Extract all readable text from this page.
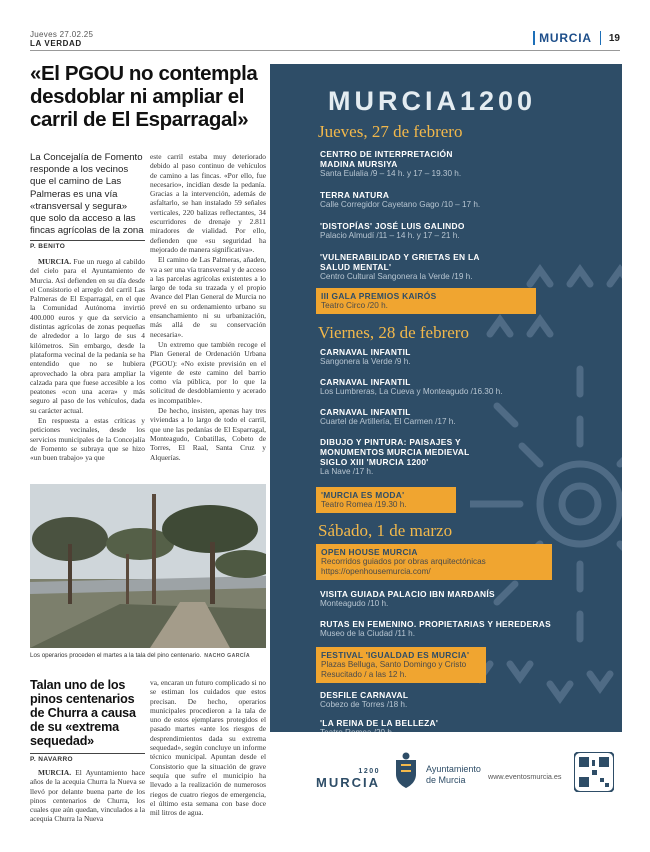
Jueves 27.02.25
LA VERDAD	MURCIA 19
«El PGOU no contempla desdoblar ni ampliar el carril de El Esparragal»
La Concejalía de Fomento responde a los vecinos que el camino de Las Palmeras es una vía «transversal y segura» que solo da acceso a las fincas agrícolas de la zona
P. BENITO

MURCIA. Fue un ruego al cabildo del cielo para el Ayuntamiento de Murcia. Así defienden en su día desde el Consistorio el arreglo del carril Las Palmeras de El Esparragal, en el que la Comunidad Autónoma invirtió 400.000 euros y que da servicio a distintas agrícolas de zonas pequeñas de alrededor a lo largo de sus 4 kilómetros. Sin embargo, desde la plataforma vecinal de la pedanía se ha entendido que no se hubiera aprovechado la obra para ampliar la calzada para que fuese accesible a los peatones «con una acera» y más seguro al paso de los vehículos, dada su carácter actual.

En respuesta a estas críticas y peticiones vecinales, desde los servicios municipales de la Concejalía de Fomento se subraya que se hizo «un buen trabajo» ya que

este carril estaba muy deteriorado debido al paso continuo de vehículos de camino a las fincas. «Por ello, fue necesario», incidían desde la pedanía. Gracias a la intervención, además de asfaltarlo, se han instalado 59 señales verticales, 220 balizas reflectantes, 34 escurridores de drenaje y 2.811 miradores de vialidad. Por ello, defienden que «su seguridad ha mejorado de manera significativa».

El camino de Las Palmeras, añaden, va a ser una vía transversal y de acceso a las parcelas agrícolas existentes a lo largo de toda su trazada y el propio Avance del Plan General de Murcia no prevé en su ordenamiento urbano su ensanchamiento ni su urbanización, más allá de su conservación necesaria».

Un extremo que también recoge el Plan General de Ordenación Urbana (PGOU): «No existe previsión en el vigente de este camino del barrio como vía pública, por lo que la solicitud de desdoblamiento y acerado es incompatible».

De hecho, insisten, apenas hay tres viviendas a lo largo de todo el carril, que une las pedanías de El Esparragal, Monteagudo, Cobatillas, Cobeto de Torres, El Raal, Santa Cruz y Alquerías.

Los operarios proceden el martes a la tala del pino centenario. NACHO GARCÍA
Talan uno de los pinos centenarios de Churra a causa de su «extrema sequedad»
P. NAVARRO

MURCIA. El Ayuntamiento hace años de la acequia Churra la Nueva se llevó por delante buena parte de los pinos centenarios de Churra, los cuales que aún quedan, vinculados a la acequia Churra la Nueva

va, encaran un futuro complicado si no se estiman los cuidados que estos precisan. De hecho, operarios municipales procedieron a la tala de uno de estos ejemplares protegidos el pasado martes «ante los riesgos de desprendimientos dada su extrema sequedad», según concluye un informe técnico municipal. Apuntan desde el Consistorio que la situación de grave sequía que sufre el municipio ha llevado a la realización de numerosos riegos de cuatro riegos de emergencia, el último esta semana con base doce mil litros de agua.

MURCIA1200
Jueves, 27 de febrero
CENTRO DE INTERPRETACIÓN MADINA MURSIYA
Santa Eulalia /9 – 14 h. y 17 – 19.30 h.
TERRA NATURA
Calle Corregidor Cayetano Gago /10 – 17 h.
'DISTOPÍAS' JOSÉ LUIS GALINDO
Palacio Almudí /11 – 14 h. y 17 – 21 h.
'VULNERABILIDAD Y GRIETAS EN LA SALUD MENTAL'
Centro Cultural Sangonera la Verde /19 h.
III GALA PREMIOS KAIRÓS
Teatro Circo /20 h.
Viernes, 28 de febrero
CARNAVAL INFANTIL
Sangonera la Verde /9 h.
CARNAVAL INFANTIL
Los Lumbreras, La Cueva y Monteagudo /16.30 h.
CARNAVAL INFANTIL
Cuartel de Artillería, El Carmen /17 h.
DIBUJO Y PINTURA: PAISAJES Y MONUMENTOS MURCIA MEDIEVAL SIGLO XIII 'MURCIA 1200'
La Nave /17 h.
'MURCIA ES MODA'
Teatro Romea /19.30 h.
Sábado, 1 de marzo
OPEN HOUSE MURCIA
Recorridos guiados por obras arquitectónicas https://openhousemurcia.com/
VISITA GUIADA PALACIO IBN MARDANÍS
Monteagudo /10 h.
RUTAS EN FEMENINO. PROPIETARIAS Y HEREDERAS
Museo de la Ciudad /11 h.
FESTIVAL 'IGUALDAD ES MURCIA'
Plazas Belluga, Santo Domingo y Cristo Resucitado / a las 12 h.
DESFILE CARNAVAL
Cobezo de Torres /18 h.
'LA REINA DE LA BELLEZA'
1200
MURCIA
Ayuntamiento
de Murcia	www.eventosmurcia.es
